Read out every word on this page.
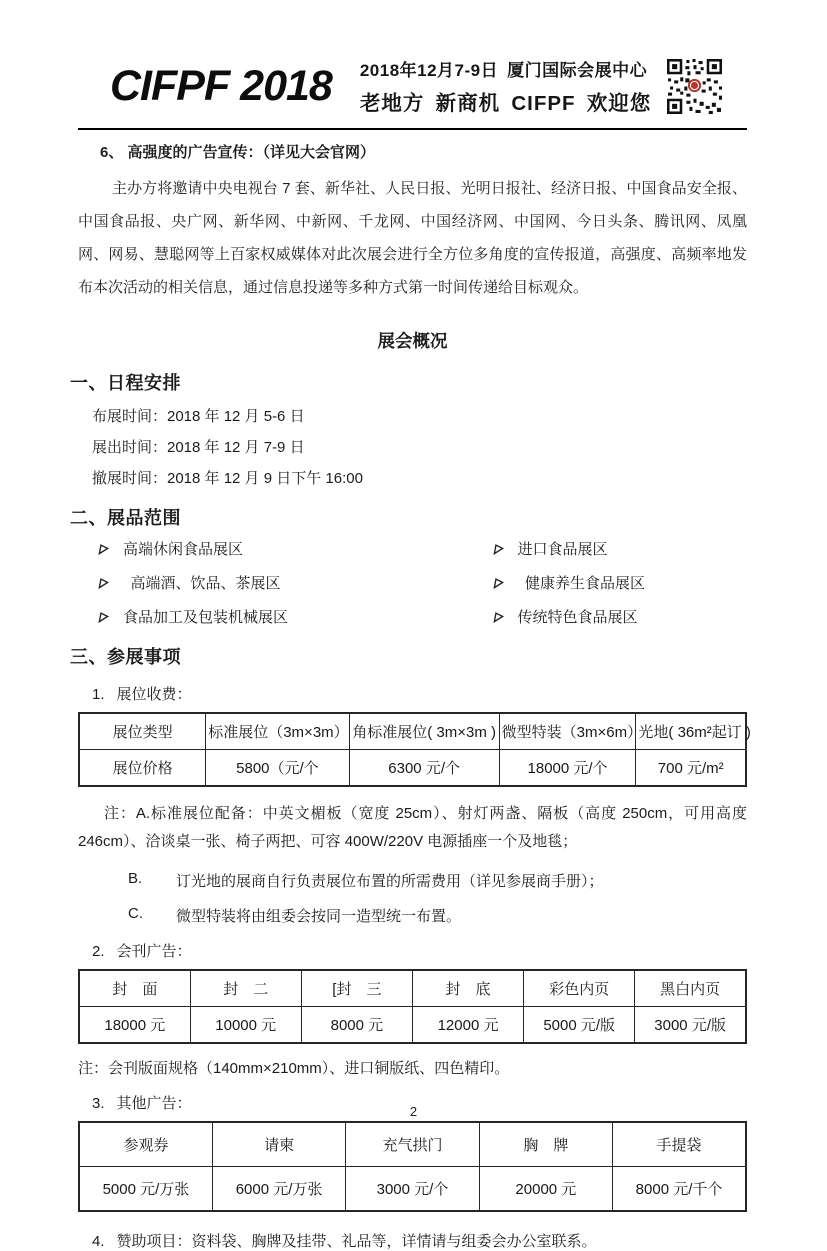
CIFPF 2018 2018年12月7-9日 厦门国际会展中心
老地方 新商机 CIFPF 欢迎您
6、 高强度的广告宣传：（详见大会官网）

主办方将邀请中央电视台 7 套、新华社、人民日报、光明日报社、经济日报、中国食品安全报、中国食品报、央广网、新华网、中新网、千龙网、中国经济网、中国网、今日头条、腾讯网、凤凰网、网易、慧聪网等上百家权威媒体对此次展会进行全方位多角度的宣传报道，高强度、高频率地发布本次活动的相关信息，通过信息投递等多种方式第一时间传递给目标观众。

展会概况
一、日程安排
布展时间：2018 年 12 月 5-6 日
展出时间：2018 年 12 月 7-9 日
撤展时间：2018 年 12 月 9 日下午 16:00
二、展品范围
高端休闲食品展区	进口食品展区
 高端酒、饮品、茶展区	 健康养生食品展区
食品加工及包装机械展区	传统特色食品展区
三、参展事项
1. 展位收费：
展位类型	标准展位（3m×3m）	角标准展位( 3m×3m )	微型特装（3m×6m）	光地( 36m²起订 )
展位价格	5800（元/个	6300 元/个	18000 元/个	700 元/m²

注：A.标准展位配备：中英文楣板（宽度 25cm）、射灯两盏、隔板（高度 250cm，可用高度 246cm）、洽谈桌一张、椅子两把、可容 400W/220V 电源插座一个及地毯；

B.	订光地的展商自行负责展位布置的所需费用（详见参展商手册）；
C.	微型特装将由组委会按同一造型统一布置。
2. 会刊广告：
封　面	封　二	[封　三	封　底	彩色内页	黑白内页
18000 元	10000 元	8000 元	12000 元	5000 元/版	3000 元/版

注：会刊版面规格（140mm×210mm）、进口铜版纸、四色精印。

3. 其他广告：
参观券	请柬	充气拱门	胸　牌	手提袋
5000 元/万张	6000 元/万张	3000 元/个	20000 元	8000 元/千个
4. 赞助项目：资料袋、胸牌及挂带、礼品等，详情请与组委会办公室联系。
2
